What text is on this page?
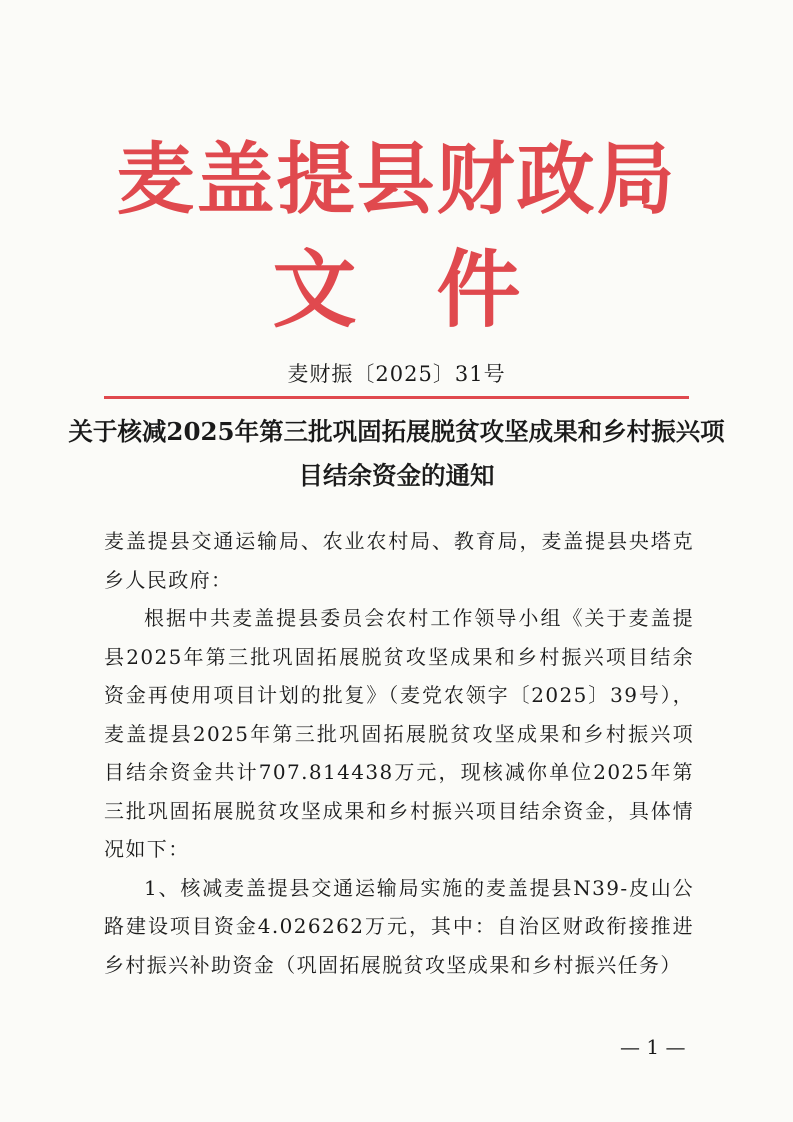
麦盖提县财政局
文件
麦财振〔2025〕31号
关于核减2025年第三批巩固拓展脱贫攻坚成果和乡村振兴项目结余资金的通知

麦盖提县交通运输局、农业农村局、教育局，麦盖提县央塔克乡人民政府：

根据中共麦盖提县委员会农村工作领导小组《关于麦盖提县2025年第三批巩固拓展脱贫攻坚成果和乡村振兴项目结余资金再使用项目计划的批复》（麦党农领字〔2025〕39号），麦盖提县2025年第三批巩固拓展脱贫攻坚成果和乡村振兴项目结余资金共计707.814438万元，现核减你单位2025年第三批巩固拓展脱贫攻坚成果和乡村振兴项目结余资金，具体情况如下：

1、核减麦盖提县交通运输局实施的麦盖提县N39-皮山公路建设项目资金4.026262万元，其中：自治区财政衔接推进乡村振兴补助资金（巩固拓展脱贫攻坚成果和乡村振兴任务）

— 1 —
